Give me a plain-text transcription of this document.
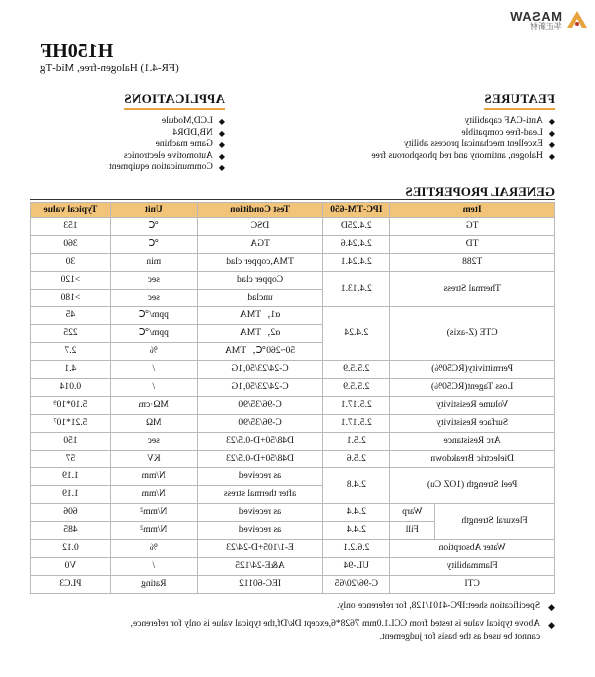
MASAW
华正新材
H150HF
(FR-4.1) Halogen-free, Mid-Tg
FEATURES
◆
Anti-CAF capability
◆
Lead-free compatible
◆
Excellent mechanical process ability
◆
Halogen, antimony and red phosphorous free
APPLICATIONS
◆
LCD,Module
◆
NB,DDR4
◆
Game machine
◆
Automotive electronics
◆
Communication equipment
GENERAL PROPERTIES
Item		IPC-TM-650	Test Condition	Unit	Typical value
TG		2.4.25D	DSC	℃	153
TD		2.4.24.6	TGA	℃	360
T288		2.4.24.1	TMA,copper clad	min	30
Thermal Stress		2.4.13.1	Copper clad	sec	>120
			unclad	sec	>180
CTE (Z-axis)		2.4.24	α1，TMA	ppm/℃	45
			α2，TMA	ppm/℃	225
			50~260℃，TMA	%	2.7
Permittivity(RC50%)		2.5.5.9	C-24/23/50,1G	/	4.1
Loss Tagent(RC50%)		2.5.5.9	C-24/23/50,1G	/	0.014
Volume Resistivity		2.5.17.1	C-96/35/90	MΩ·cm	5.10*10⁹
Surface Resistivity		2.5.17.1	C-96/35/90	MΩ	5.21*10⁷
Arc Resistance		2.5.1	D48/50+D-0.5/23	sec	150
Dielectric Breakdown		2.5.6	D48/50+D-0.5/23	KV	57
Peel Strength (1OZ Cu)		2.4.8	as received	N/mm	1.19
			after thermal stress	N/mm	1.19
Flexural Strength	Warp	2.4.4	as received	N/mm²	606
	Fill	2.4.4	as received	N/mm²	485
Water Absorption		2.6.2.1	E-1/105+D-24/23	%	0.12
Flammability		UL-94	A&E-24/125	/	V0
CTI		C-96/20/65	IEC-60112	Rating	PLC3
◆
Specification sheet:IPC-4101/128, for reference only.
◆
Above typical value is tested from CCL1.0mm 7628*6,except Dk/Df,the typical value is only for reference,
cannot be used as the basis for judgement.
